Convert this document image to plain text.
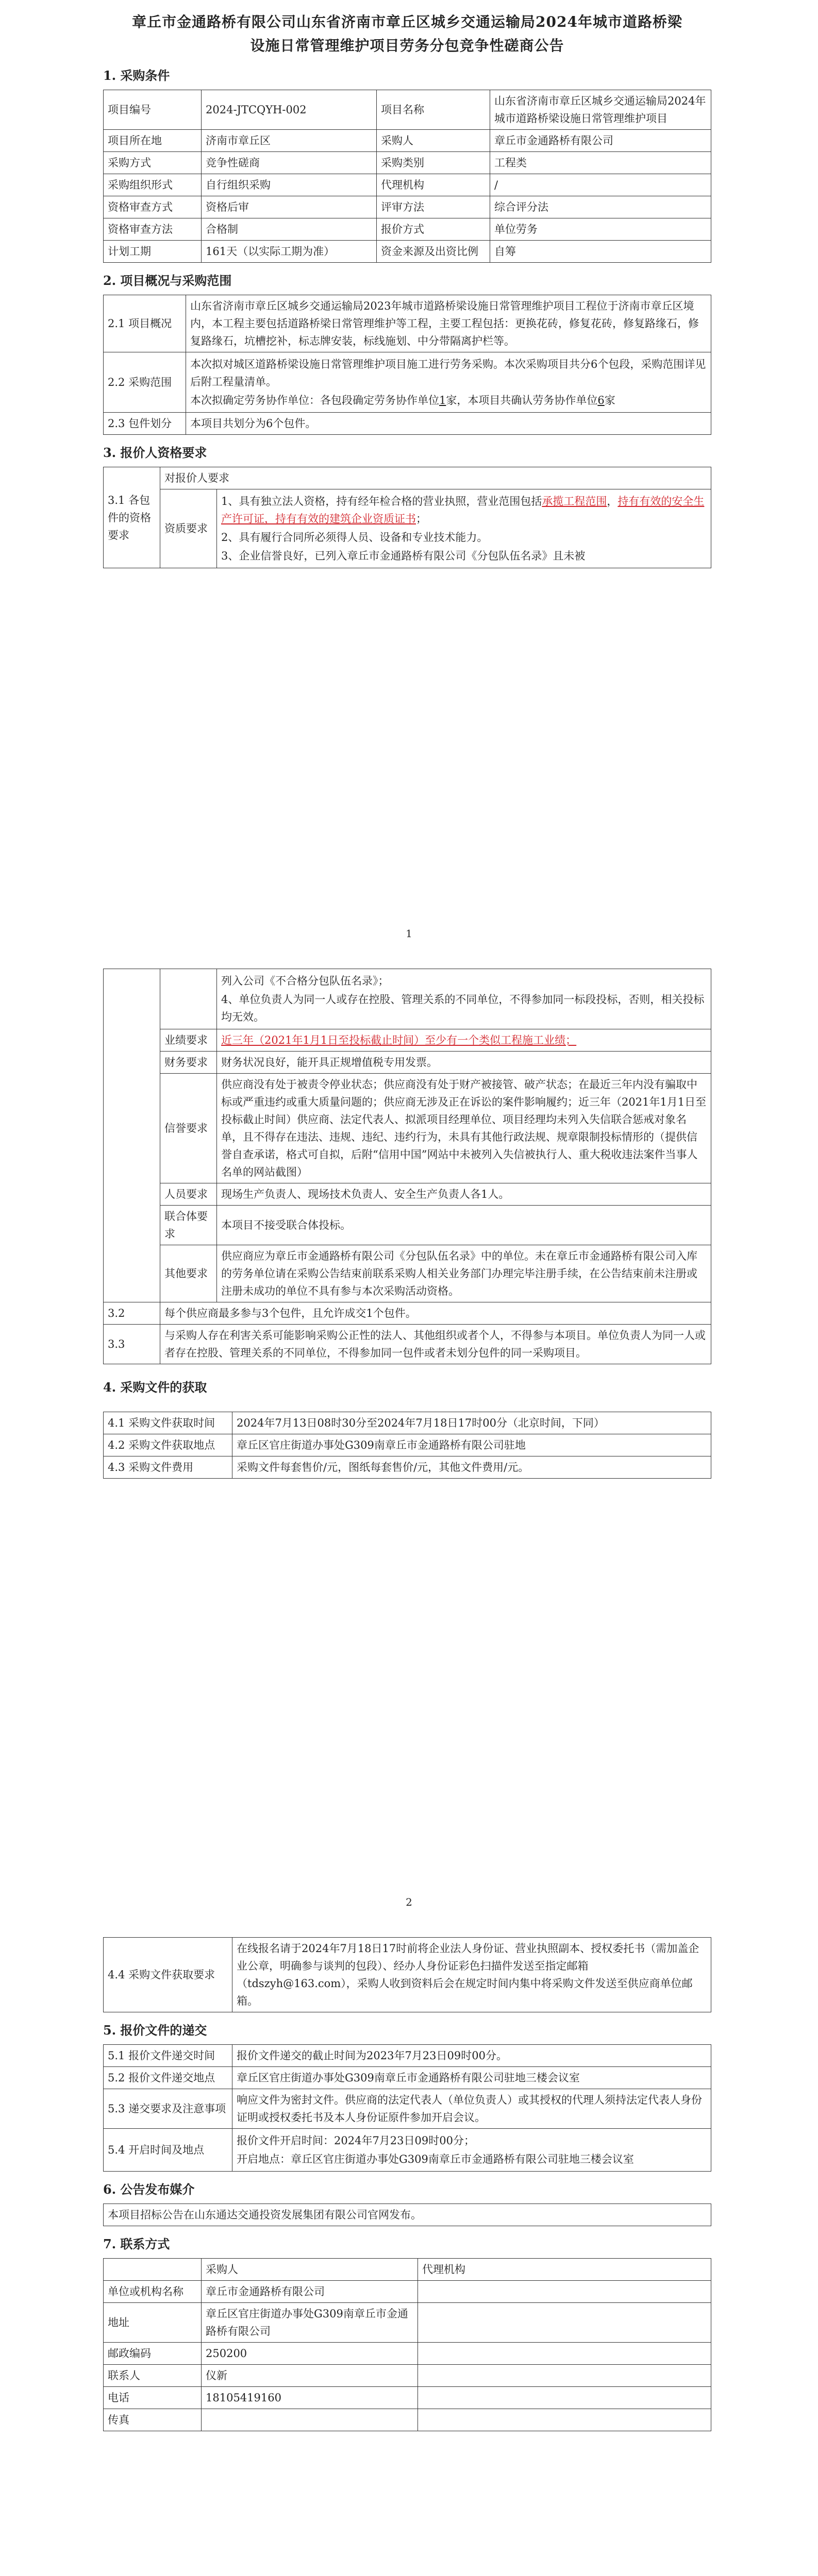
章丘市金通路桥有限公司山东省济南市章丘区城乡交通运输局2024年城市道路桥梁
设施日常管理维护项目劳务分包竞争性磋商公告
1. 采购条件
项目编号	2024-JTCQYH-002	项目名称	山东省济南市章丘区城乡交通运输局2024年城市道路桥梁设施日常管理维护项目
项目所在地	济南市章丘区	采购人	章丘市金通路桥有限公司
采购方式	竞争性磋商	采购类别	工程类
采购组织形式	自行组织采购	代理机构	/
资格审查方式	资格后审	评审方法	综合评分法
资格审查方法	合格制	报价方式	单位劳务
计划工期	161天（以实际工期为准）	资金来源及出资比例	自筹
2. 项目概况与采购范围
2.1 项目概况	山东省济南市章丘区城乡交通运输局2023年城市道路桥梁设施日常管理维护项目工程位于济南市章丘区境内，本工程主要包括道路桥梁日常管理维护等工程，主要工程包括：更换花砖，修复花砖，修复路缘石，修复路缘石，坑槽挖补，标志牌安装，标线施划、中分带隔离护栏等。
2.2 采购范围	本次拟对城区道路桥梁设施日常管理维护项目施工进行劳务采购。本次采购项目共分6个包段，采购范围详见后附工程量清单。

本次拟确定劳务协作单位：各包段确定劳务协作单位1家，本项目共确认劳务协作单位6家

2.3 包件划分	本项目共划分为6个包件。
3. 报价人资格要求
3.1 各包件的资格要求	对报价人要求	
	资质要求	1、具有独立法人资格，持有经年检合格的营业执照，营业范围包括承揽工程范围，持有有效的安全生产许可证，持有有效的建筑企业资质证书；

2、具有履行合同所必须得人员、设备和专业技术能力。

3、企业信誉良好，已列入章丘市金通路桥有限公司《分包队伍名录》且未被

1

		列入公司《不合格分包队伍名录》；

4、单位负责人为同一人或存在控股、管理关系的不同单位，不得参加同一标段投标，否则，相关投标均无效。

	业绩要求	近三年（2021年1月1日至投标截止时间）至少有一个类似工程施工业绩；
	财务要求	财务状况良好，能开具正规增值税专用发票。
	信誉要求	供应商没有处于被责令停业状态；供应商没有处于财产被接管、破产状态；在最近三年内没有骗取中标或严重违约或重大质量问题的；供应商无涉及正在诉讼的案件影响履约；近三年（2021年1月1日至投标截止时间）供应商、法定代表人、拟派项目经理单位、项目经理均未列入失信联合惩戒对象名单，且不得存在违法、违规、违纪、违约行为，未具有其他行政法规、规章限制投标情形的（提供信誉自查承诺，格式可自拟，后附“信用中国”网站中未被列入失信被执行人、重大税收违法案件当事人名单的网站截图）
	人员要求	现场生产负责人、现场技术负责人、安全生产负责人各1人。
	联合体要求	本项目不接受联合体投标。
	其他要求	供应商应为章丘市金通路桥有限公司《分包队伍名录》中的单位。未在章丘市金通路桥有限公司入库的劳务单位请在采购公告结束前联系采购人相关业务部门办理完毕注册手续，在公告结束前未注册或注册未成功的单位不具有参与本次采购活动资格。
3.2	每个供应商最多参与3个包件，且允许成交1个包件。	
3.3	与采购人存在利害关系可能影响采购公正性的法人、其他组织或者个人，不得参与本项目。单位负责人为同一人或者存在控股、管理关系的不同单位，不得参加同一包件或者未划分包件的同一采购项目。	
4. 采购文件的获取
4.1 采购文件获取时间	2024年7月13日08时30分至2024年7月18日17时00分（北京时间，下同）
4.2 采购文件获取地点	章丘区官庄街道办事处G309南章丘市金通路桥有限公司驻地
4.3 采购文件费用	采购文件每套售价/元，图纸每套售价/元，其他文件费用/元。
2
4.4 采购文件获取要求	在线报名请于2024年7月18日17时前将企业法人身份证、营业执照副本、授权委托书（需加盖企业公章，明确参与谈判的包段）、经办人身份证彩色扫描件发送至指定邮箱（tdszyh@163.com），采购人收到资料后会在规定时间内集中将采购文件发送至供应商单位邮箱。
5. 报价文件的递交
5.1 报价文件递交时间	报价文件递交的截止时间为2023年7月23日09时00分。
5.2 报价文件递交地点	章丘区官庄街道办事处G309南章丘市金通路桥有限公司驻地三楼会议室
5.3 递交要求及注意事项	响应文件为密封文件。供应商的法定代表人（单位负责人）或其授权的代理人须持法定代表人身份证明或授权委托书及本人身份证原件参加开启会议。
5.4 开启时间及地点	报价文件开启时间：2024年7月23日09时00分；

开启地点：章丘区官庄街道办事处G309南章丘市金通路桥有限公司驻地三楼会议室

6. 公告发布媒介
本项目招标公告在山东通达交通投资发展集团有限公司官网发布。
7. 联系方式
	采购人	代理机构
单位或机构名称	章丘市金通路桥有限公司	
地址	章丘区官庄街道办事处G309南章丘市金通路桥有限公司	
邮政编码	250200	
联系人	仪新	
电话	18105419160	
传真		
